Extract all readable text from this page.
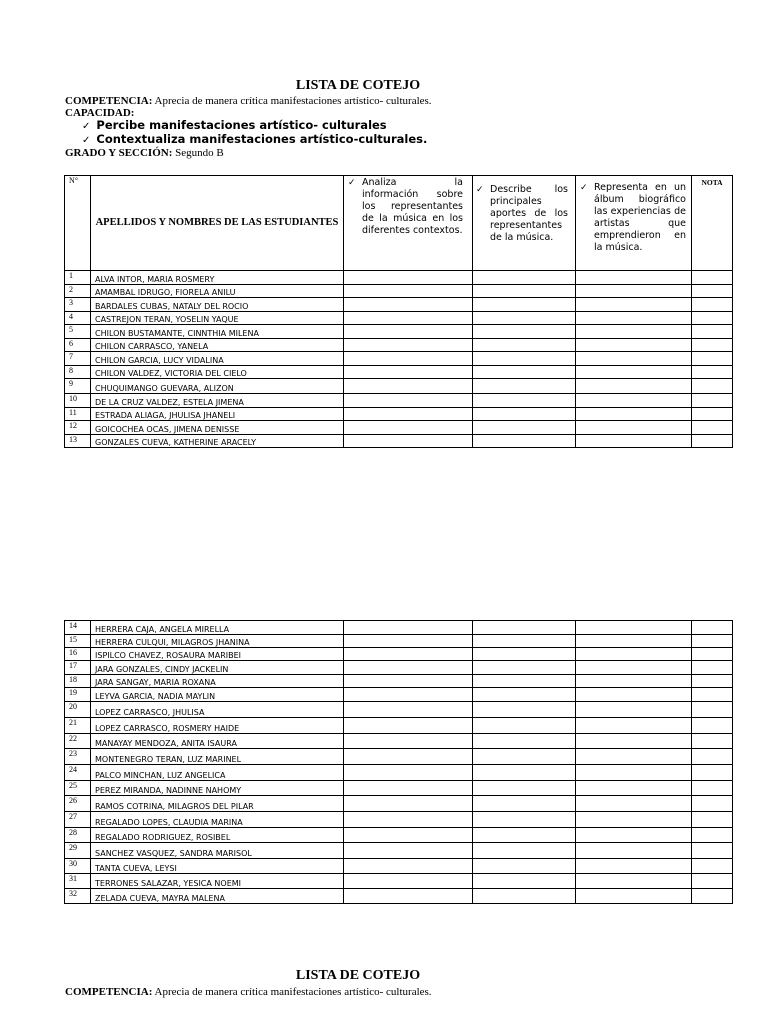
LISTA DE COTEJO
COMPETENCIA: Aprecia de manera crítica manifestaciones artístico- culturales.
CAPACIDAD:
✓ Percibe manifestaciones artístico- culturales
✓ Contextualiza manifestaciones artístico-culturales.
GRADO Y SECCIÓN: Segundo B
N°	APELLIDOS Y NOMBRES DE LAS ESTUDIANTES	✓ Analiza la información sobre los representantes de la música en los diferentes contextos.	✓ Describe los principales aportes de los representantes de la música.	✓ Representa en un álbum biográfico las experiencias de artistas que emprendieron en la música.	NOTA
1	ALVA INTOR, MARIA ROSMERY				
2	AMAMBAL IDRUGO, FIORELA ANILU				
3	BARDALES CUBAS, NATALY DEL ROCIO				
4	CASTREJON TERAN, YOSELIN YAQUE				
5	CHILON BUSTAMANTE, CINNTHIA MILENA				
6	CHILON CARRASCO, YANELA				
7	CHILON GARCIA, LUCY VIDALINA				
8	CHILON VALDEZ, VICTORIA DEL CIELO				
9	CHUQUIMANGO GUEVARA, ALIZON				
10	DE LA CRUZ VALDEZ, ESTELA JIMENA				
11	ESTRADA ALIAGA, JHULISA JHANELI				
12	GOICOCHEA OCAS, JIMENA DENISSE				
13	GONZALES CUEVA, KATHERINE ARACELY				
14	HERRERA CAJA, ANGELA MIRELLA				
15	HERRERA CULQUI, MILAGROS JHANINA				
16	ISPILCO CHAVEZ, ROSAURA MARIBEI				
17	JARA GONZALES, CINDY JACKELIN				
18	JARA SANGAY, MARIA ROXANA				
19	LEYVA GARCIA, NADIA MAYLIN				
20	LOPEZ CARRASCO, JHULISA				
21	LOPEZ CARRASCO, ROSMERY HAIDE				
22	MANAYAY MENDOZA, ANITA ISAURA				
23	MONTENEGRO TERAN, LUZ MARINEL				
24	PALCO MINCHAN, LUZ ANGELICA				
25	PEREZ MIRANDA, NADINNE NAHOMY				
26	RAMOS COTRINA, MILAGROS DEL PILAR				
27	REGALADO LOPES, CLAUDIA MARINA				
28	REGALADO RODRIGUEZ, ROSIBEL				
29	SANCHEZ VASQUEZ, SANDRA MARISOL				
30	TANTA CUEVA, LEYSI				
31	TERRONES SALAZAR, YESICA NOEMI				
32	ZELADA CUEVA, MAYRA MALENA				
LISTA DE COTEJO
COMPETENCIA: Aprecia de manera crítica manifestaciones artístico- culturales.
